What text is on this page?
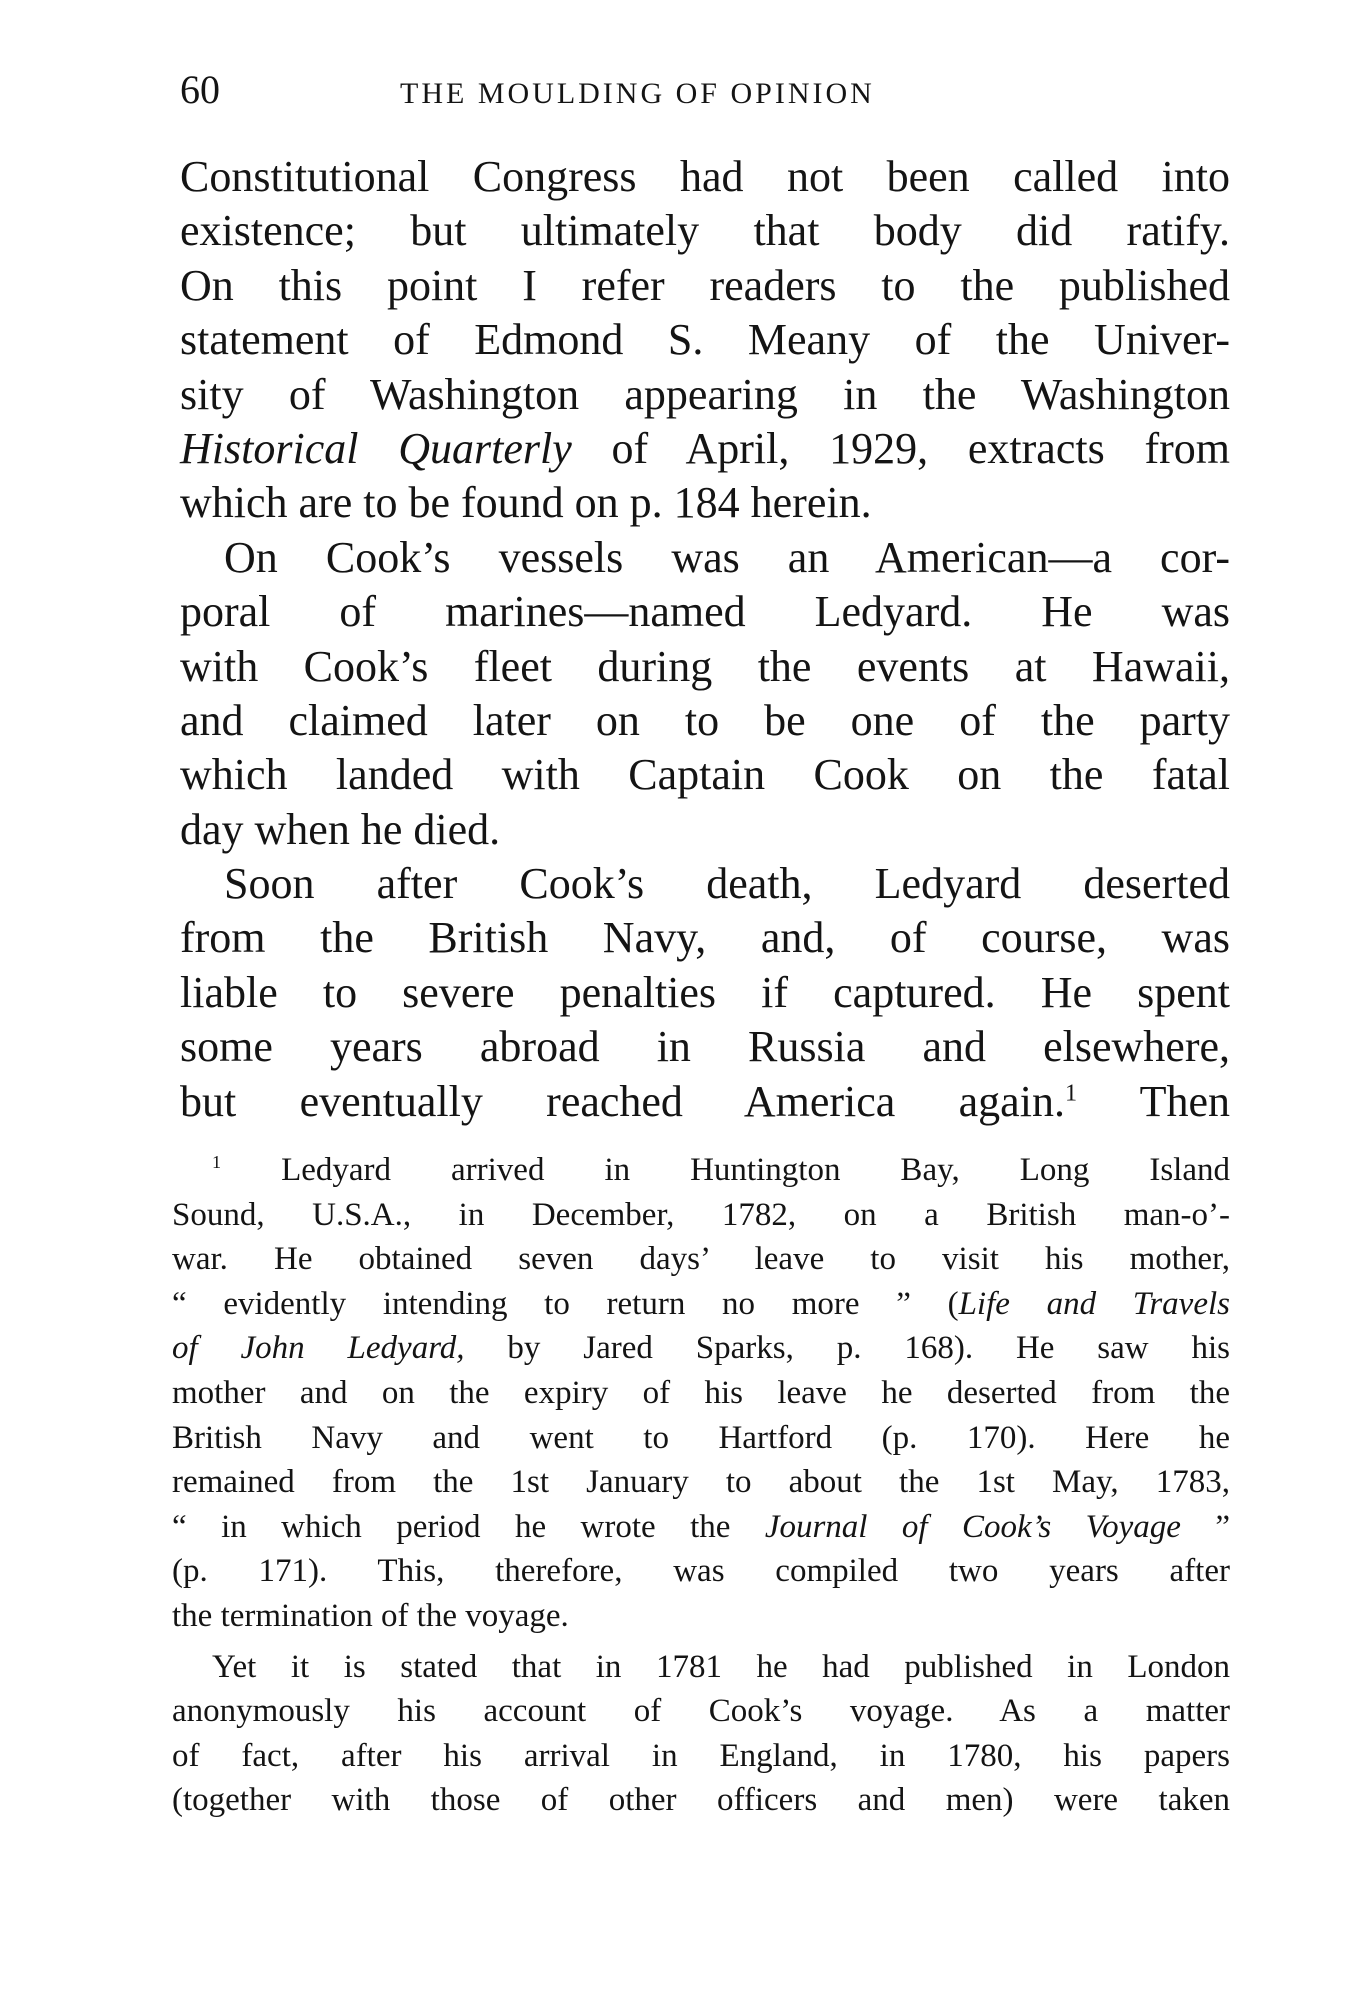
60	THE MOULDING OF OPINION
Constitutional Congress had not been called into
existence; but ultimately that body did ratify.
On this point I refer readers to the published
statement of Edmond S. Meany of the Univer-
sity of Washington appearing in the Washington
Historical Quarterly of April, 1929, extracts from
which are to be found on p. 184 herein.
On Cook’s vessels was an American—a cor-
poral of marines—named Ledyard. He was
with Cook’s fleet during the events at Hawaii,
and claimed later on to be one of the party
which landed with Captain Cook on the fatal
day when he died.
Soon after Cook’s death, Ledyard deserted
from the British Navy, and, of course, was
liable to severe penalties if captured. He spent
some years abroad in Russia and elsewhere,
but eventually reached America again.$^1$ Then
$^1$ Ledyard arrived in Huntington Bay, Long Island
Sound, U.S.A., in December, 1782, on a British man-o’-
war. He obtained seven days’ leave to visit his mother,
“ evidently intending to return no more ” (Life and Travels
of John Ledyard, by Jared Sparks, p. 168). He saw his
mother and on the expiry of his leave he deserted from the
British Navy and went to Hartford (p. 170). Here he
remained from the 1st January to about the 1st May, 1783,
“ in which period he wrote the Journal of Cook’s Voyage ”
(p. 171). This, therefore, was compiled two years after
the termination of the voyage.
Yet it is stated that in 1781 he had published in London
anonymously his account of Cook’s voyage. As a matter
of fact, after his arrival in England, in 1780, his papers
(together with those of other officers and men) were taken
